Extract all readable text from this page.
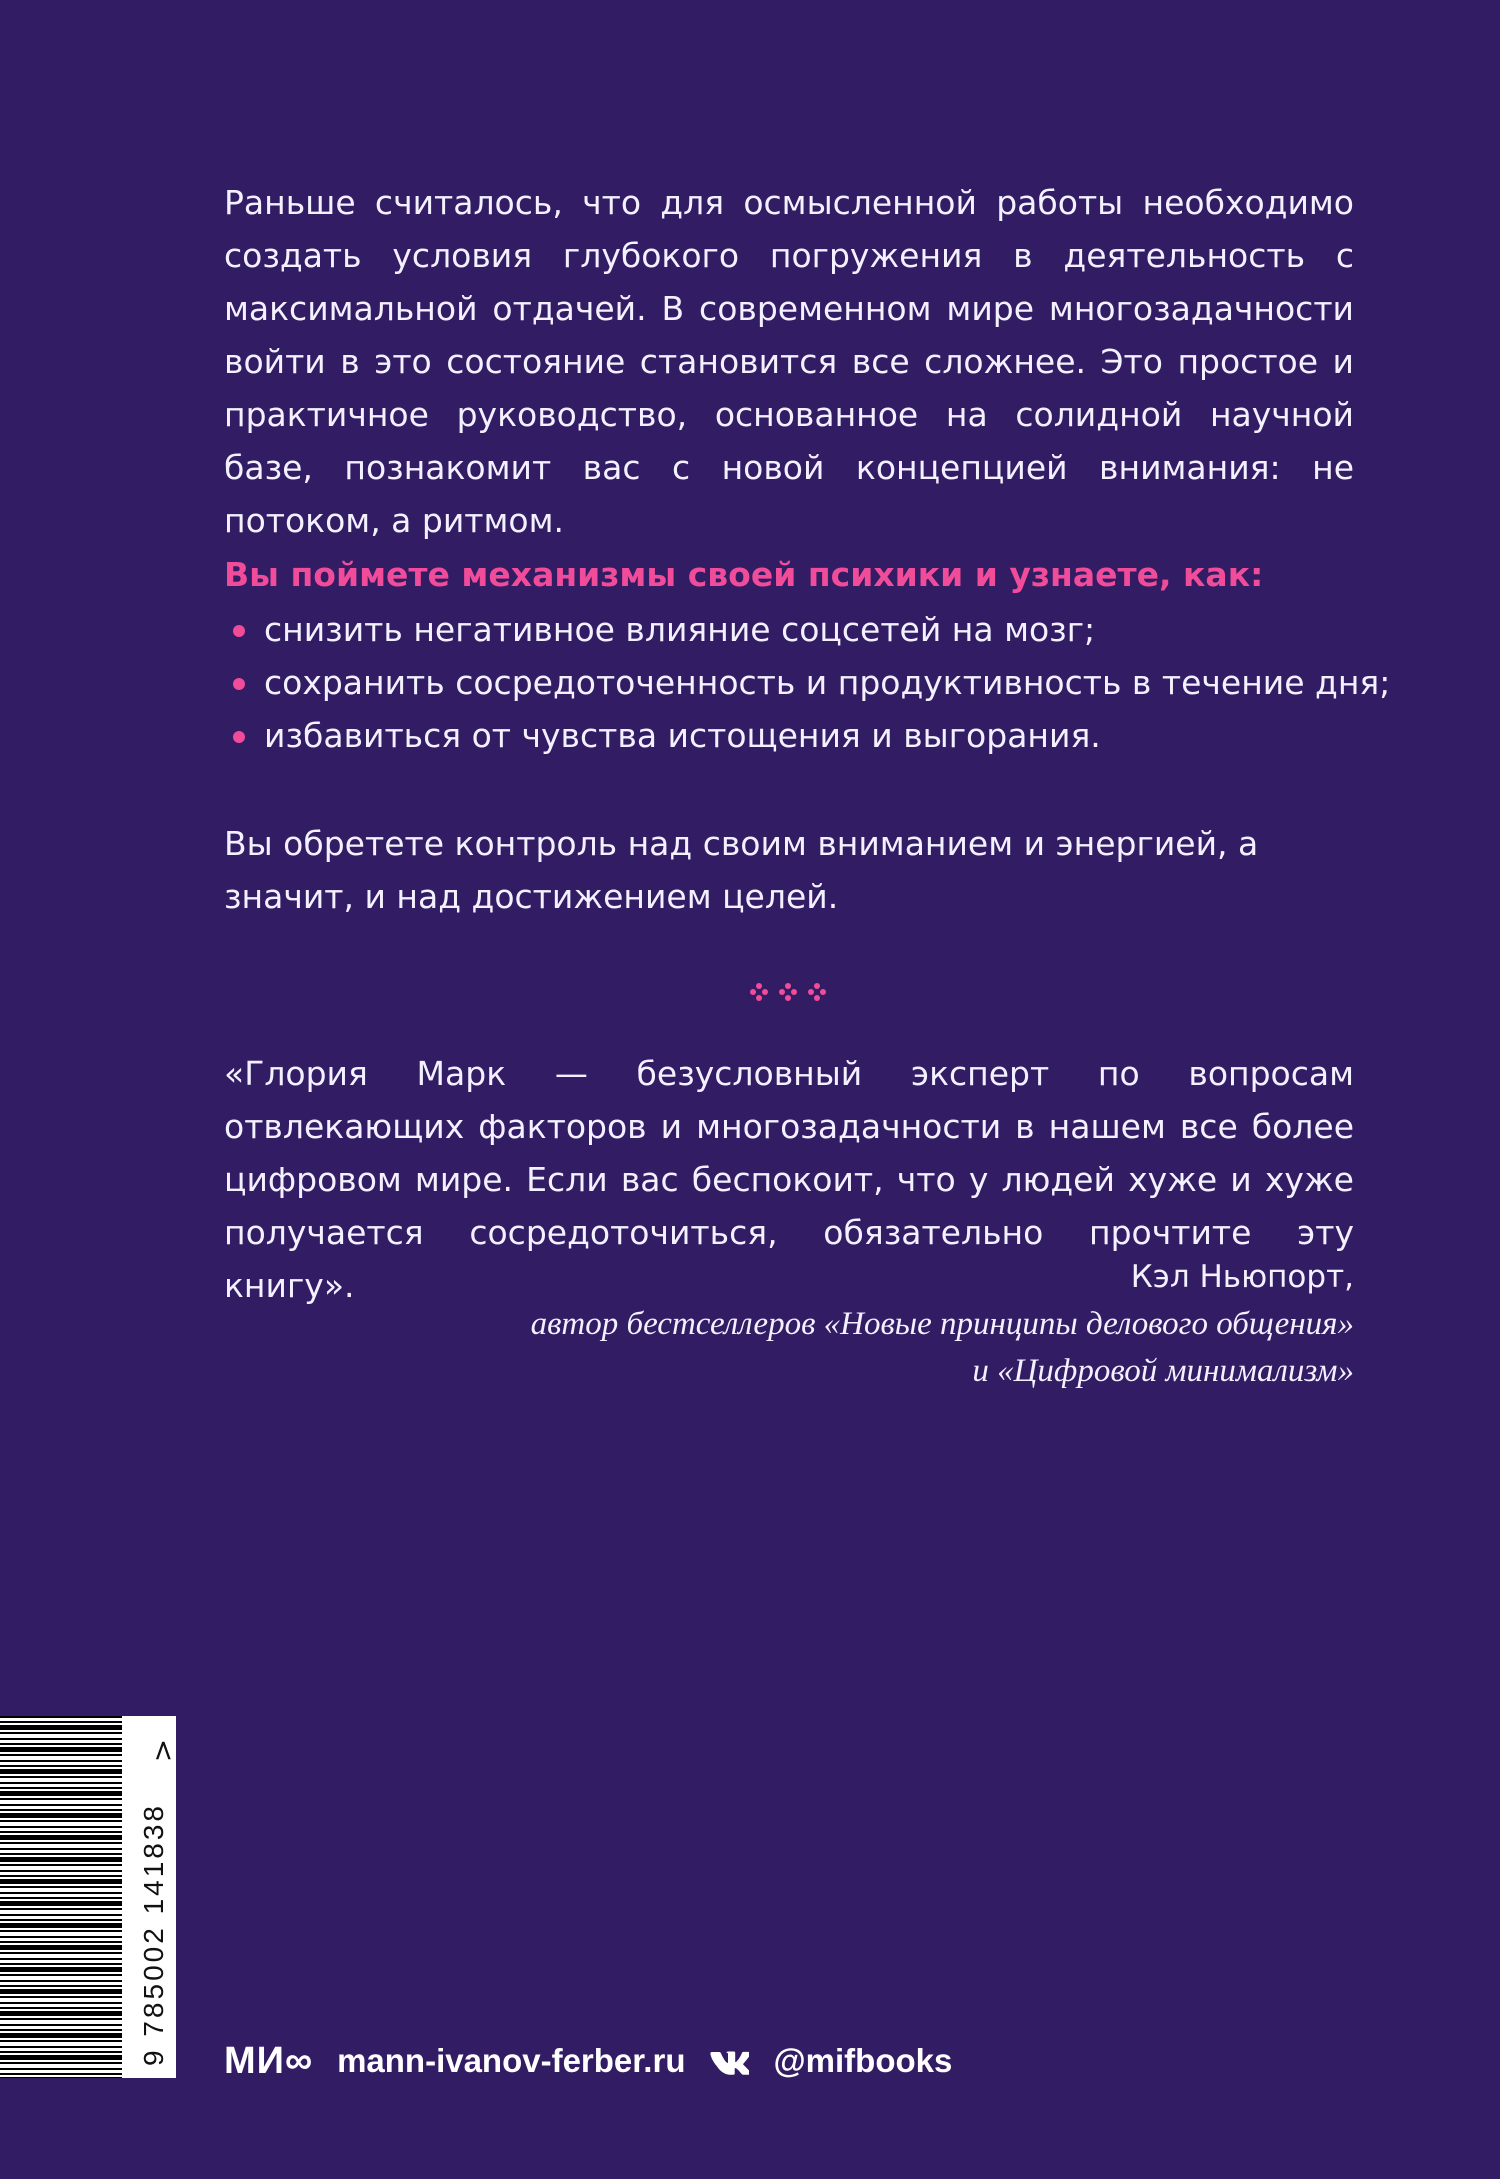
Раньше считалось, что для осмысленной работы необходимо создать условия глубокого погружения в деятельность с максимальной отдачей. В современном мире многозадачности войти в это состояние становится все сложнее. Это простое и практичное руководство, основанное на солидной научной базе, познакомит вас с новой концепцией внимания: не потоком, а ритмом.

Вы поймете механизмы своей психики и узнаете, как:
снизить негативное влияние соцсетей на мозг;
сохранить сосредоточенность и продуктивность в течение дня;
избавиться от чувства истощения и выгорания.

Вы обретете контроль над своим вниманием и энергией, а значит, и над достижением целей.

«Глория Марк — безусловный эксперт по вопросам отвлекающих факторов и многозадачности в нашем все более цифровом мире. Если вас беспокоит, что у людей хуже и хуже получается сосредоточиться, обязательно прочтите эту книгу».	Кэл Ньюпорт,
автор бестселлеров «Новые принципы делового общения»
и «Цифровой минимализм»
9 785002 141838
>
МИ∞ mann-ivanov-ferber.ru	@mifbooks
